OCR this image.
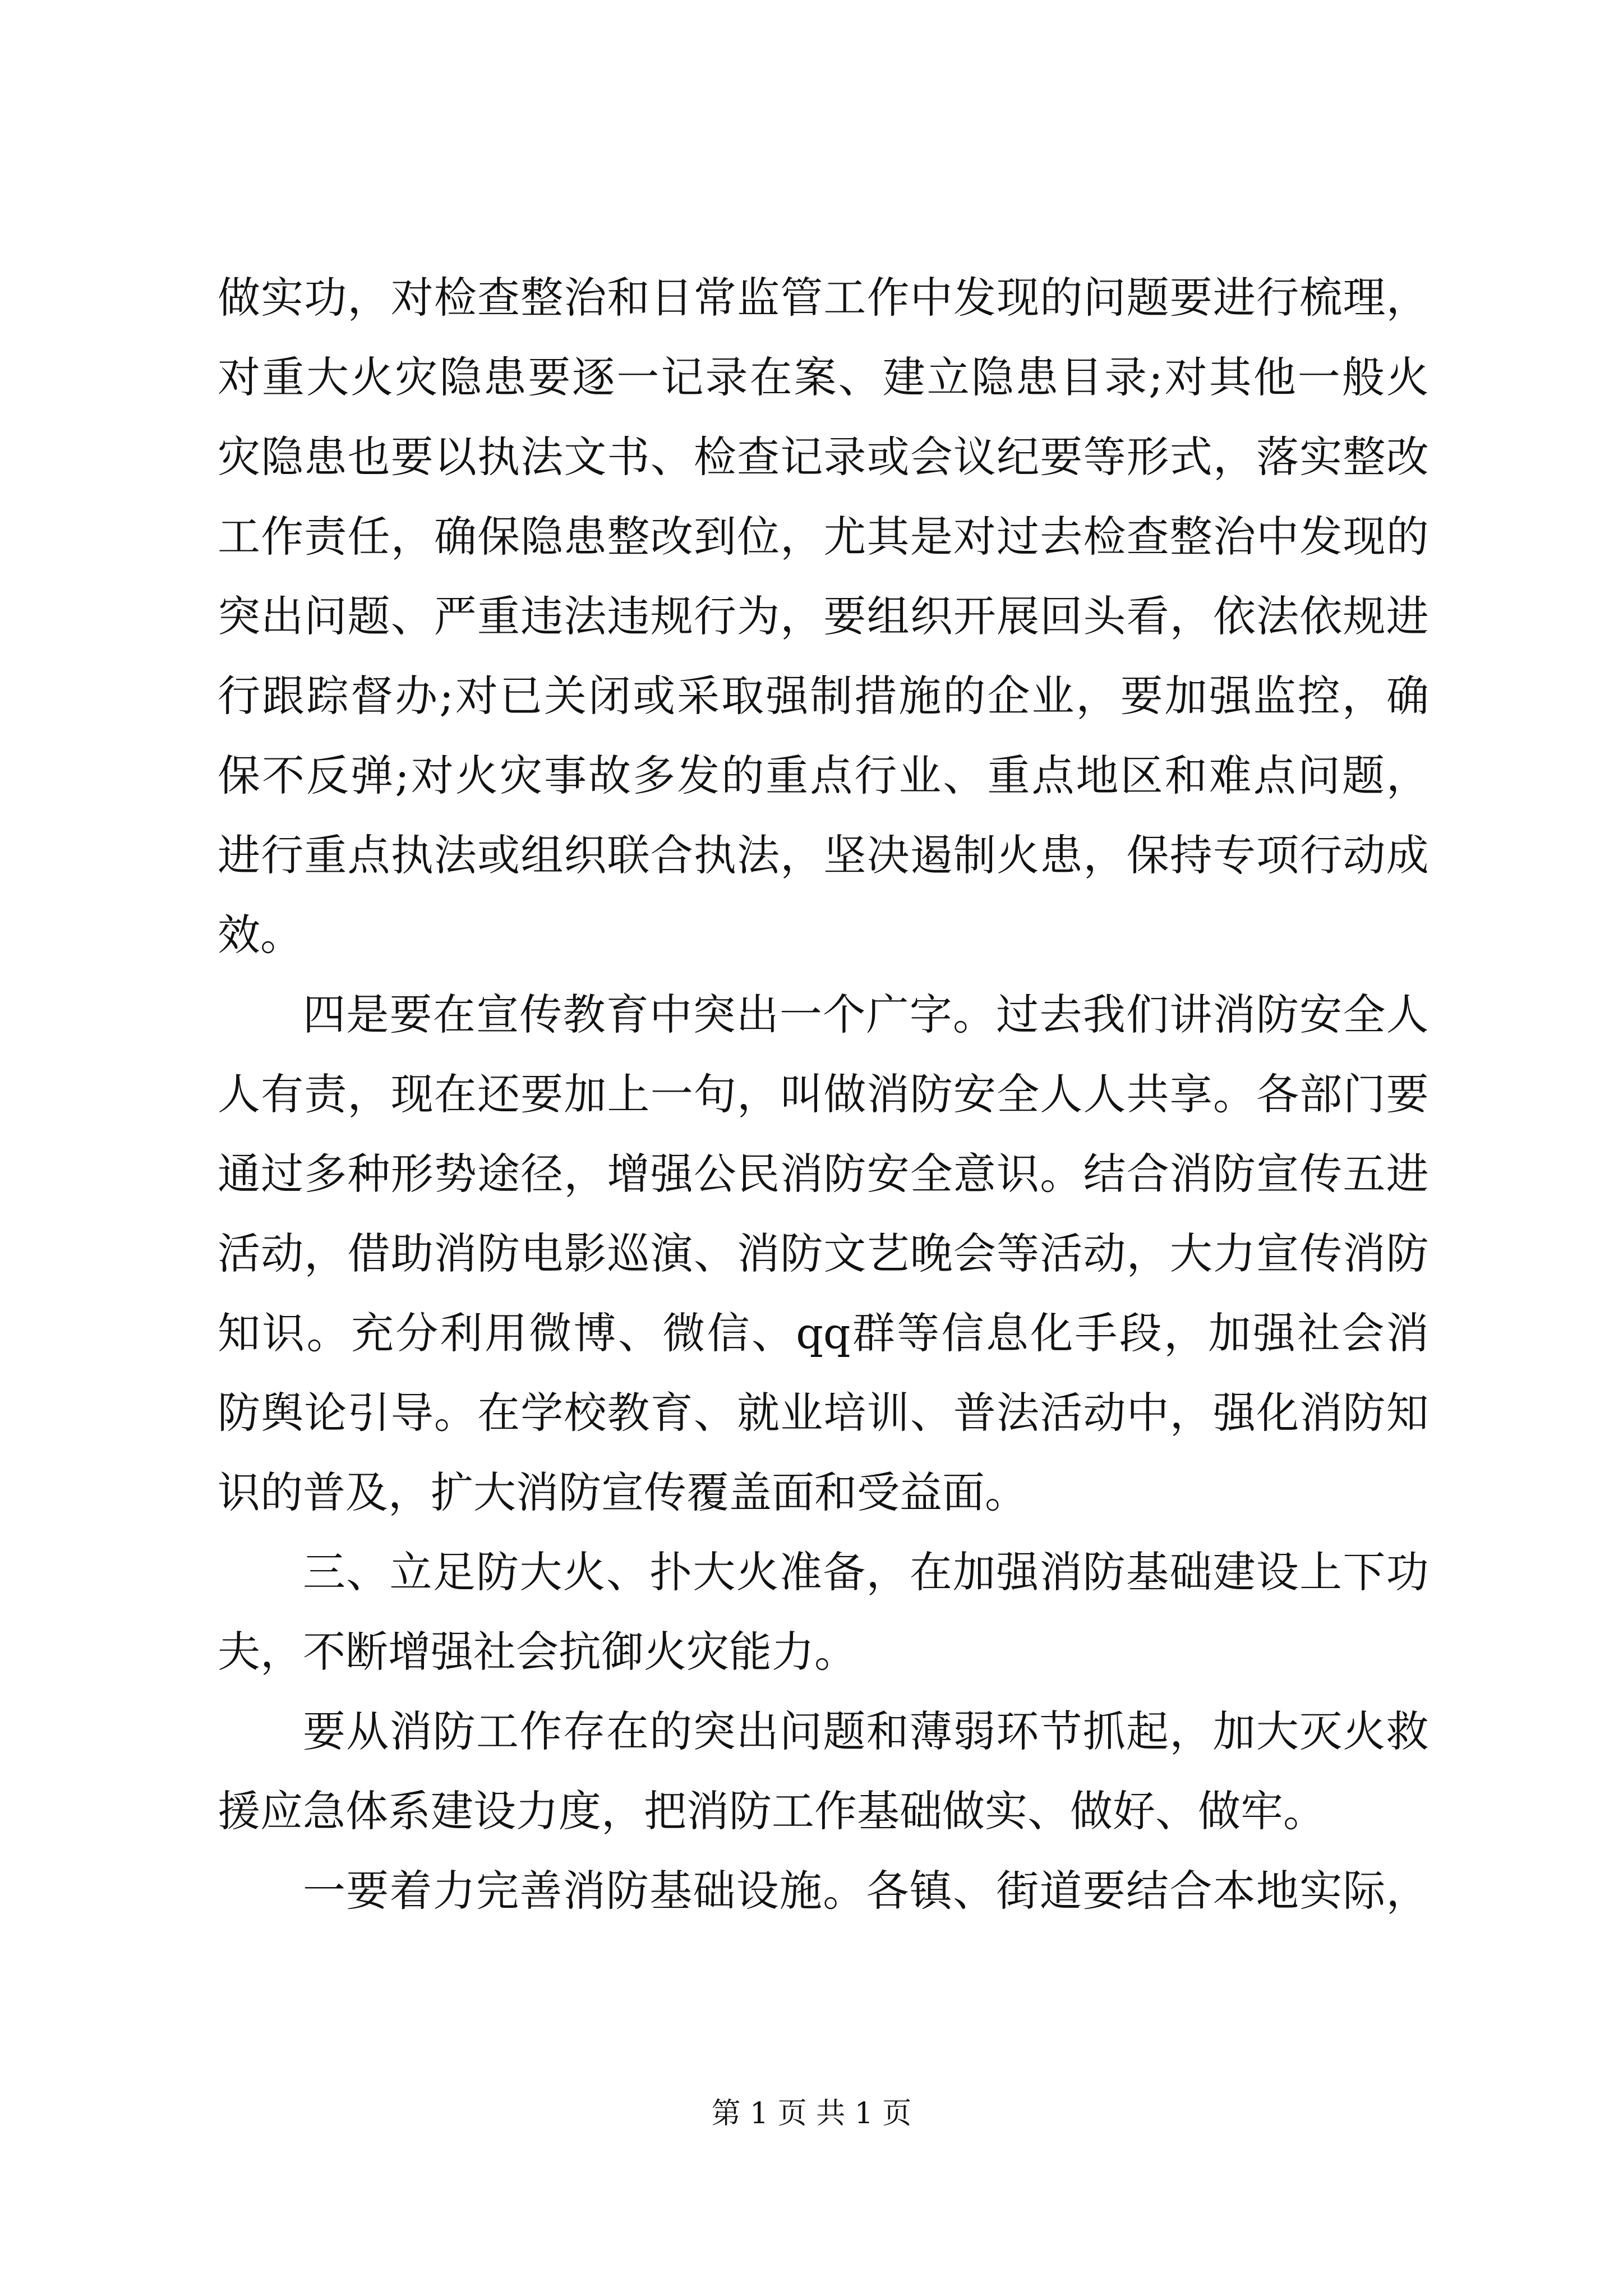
做 实 功 ， 对 检 查 整 治 和 日 常 监 管 工 作 中 发 现 的 问 题 要 进 行 梳 理 ，
对 重 大 火 灾 隐 患 要 逐 一 记 录 在 案 、 建 立 隐 患 目 录 ; 对 其 他 一 般 火
灾 隐 患 也 要 以 执 法 文 书 、 检 查 记 录 或 会 议 纪 要 等 形 式 ， 落 实 整 改
工 作 责 任 ， 确 保 隐 患 整 改 到 位 ， 尤 其 是 对 过 去 检 查 整 治 中 发 现 的
突 出 问 题 、 严 重 违 法 违 规 行 为 ， 要 组 织 开 展 回 头 看 ， 依 法 依 规 进
行 跟 踪 督 办 ; 对 已 关 闭 或 采 取 强 制 措 施 的 企 业 ， 要 加 强 监 控 ， 确
保 不 反 弹 ; 对 火 灾 事 故 多 发 的 重 点 行 业 、 重 点 地 区 和 难 点 问 题 ，
进 行 重 点 执 法 或 组 织 联 合 执 法 ， 坚 决 遏 制 火 患 ， 保 持 专 项 行 动 成
效 。
四 是 要 在 宣 传 教 育 中 突 出 一 个 广 字 。 过 去 我 们 讲 消 防 安 全 人
人 有 责 ， 现 在 还 要 加 上 一 句 ， 叫 做 消 防 安 全 人 人 共 享 。 各 部 门 要
通 过 多 种 形 势 途 径 ， 增 强 公 民 消 防 安 全 意 识 。 结 合 消 防 宣 传 五 进
活 动 ， 借 助 消 防 电 影 巡 演 、 消 防 文 艺 晚 会 等 活 动 ， 大 力 宣 传 消 防
知 识 。 充 分 利 用 微 博 、 微 信 、 qq 群 等 信 息 化 手 段 ， 加 强 社 会 消
防 舆 论 引 导 。 在 学 校 教 育 、 就 业 培 训 、 普 法 活 动 中 ， 强 化 消 防 知
识 的 普 及 ， 扩 大 消 防 宣 传 覆 盖 面 和 受 益 面 。
三 、 立 足 防 大 火 、 扑 大 火 准 备 ， 在 加 强 消 防 基 础 建 设 上 下 功
夫 ， 不 断 增 强 社 会 抗 御 火 灾 能 力 。
要 从 消 防 工 作 存 在 的 突 出 问 题 和 薄 弱 环 节 抓 起 ， 加 大 灭 火 救
援 应 急 体 系 建 设 力 度 ， 把 消 防 工 作 基 础 做 实 、 做 好 、 做 牢 。
一 要 着 力 完 善 消 防 基 础 设 施 。 各 镇 、 街 道 要 结 合 本 地 实 际 ，
第 1 页 共 1 页
